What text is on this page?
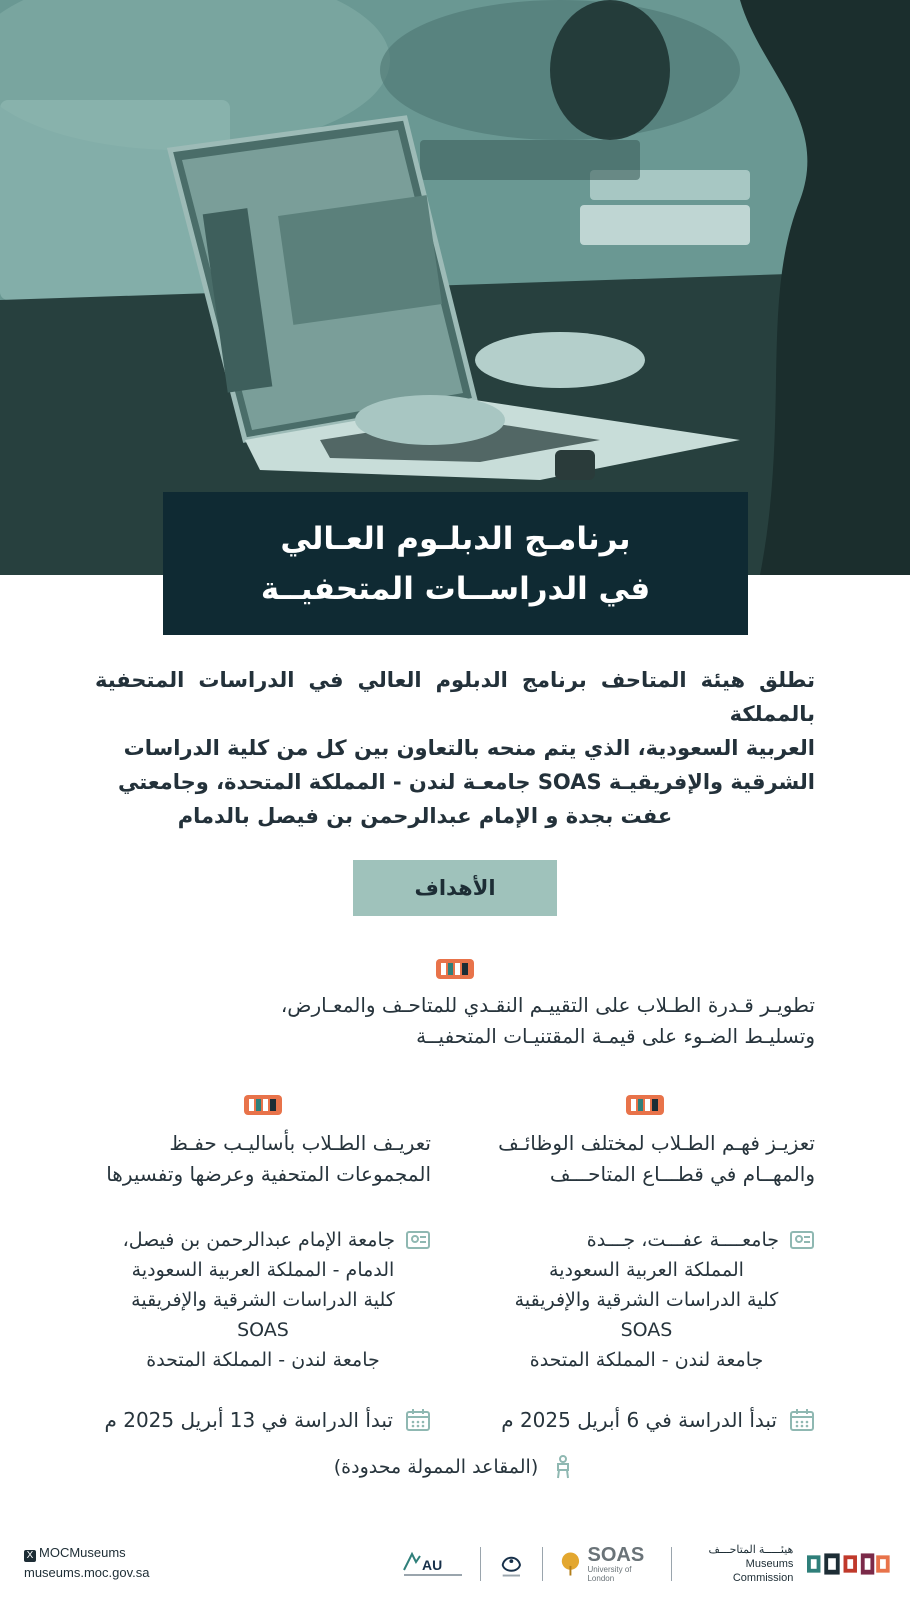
برنامـج الدبلـوم العـالي
في الدراســات المتحفيــة
تطلق هيئة المتاحف برنامج الدبلوم العالي في الدراسات المتحفية بالمملكة
العربية السعودية، الذي يتم منحه بالتعاون بين كل من كلية الدراسات
الشرقية والإفريقيـة SOAS جامعـة لندن - المملكة المتحدة، وجامعتي
عفت بجدة و الإمام عبدالرحمن بن فيصل بالدمام
الأهداف
تطويـر قـدرة الطـلاب على التقييـم النقـدي للمتاحـف والمعـارض،
وتسليـط الضـوء على قيمـة المقتنيـات المتحفيــة
تعزيـز فهـم الطـلاب لمختلف الوظائـف
والمهــام في قطـــاع المتاحـــف
تعريـف الطـلاب بأساليـب حفـظ
المجموعات المتحفية وعرضها وتفسيرها
جامعــــة عفـــت، جـــدة
المملكة العربية السعودية
كلية الدراسات الشرقية والإفريقية
SOAS
جامعة لندن - المملكة المتحدة
جامعة الإمام عبدالرحمن بن فيصل،
الدمام - المملكة العربية السعودية
كلية الدراسات الشرقية والإفريقية
SOAS
جامعة لندن - المملكة المتحدة
تبدأ الدراسة في 6 أبريل 2025 م
تبدأ الدراسة في 13 أبريل 2025 م
(المقاعد الممولة محدودة)
X MOCMuseums
museums.moc.gov.sa	AU	SOAS
University of London
هيئـــــة المتاحـــف
Museums Commission
